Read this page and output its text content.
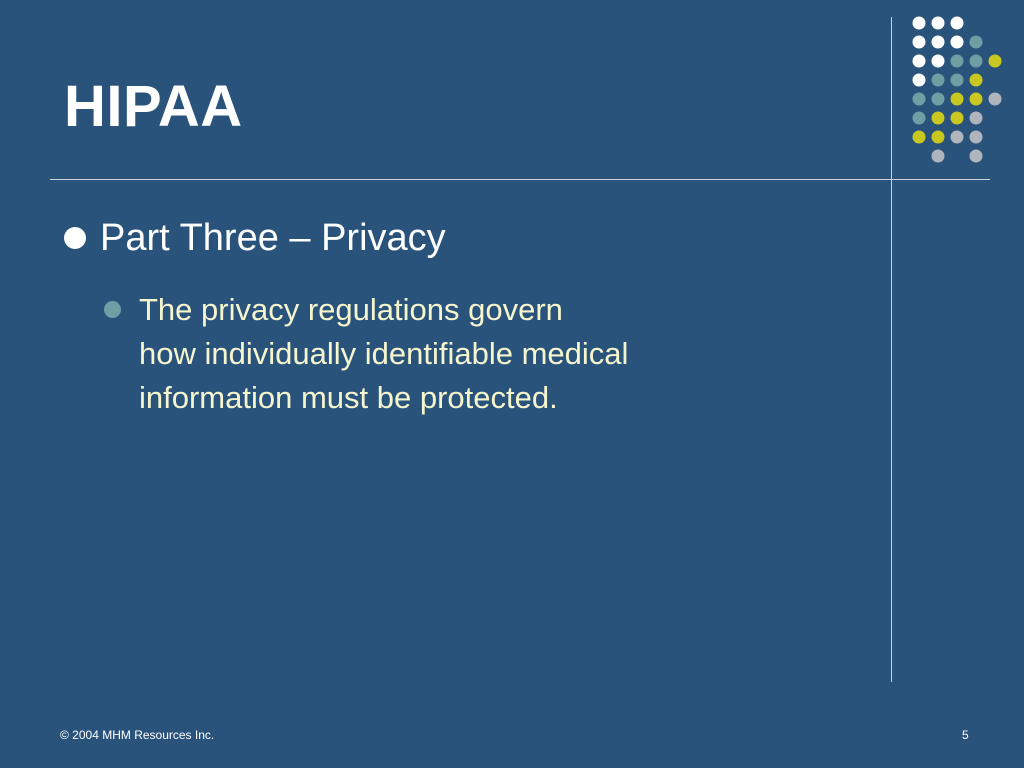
HIPAA
Part Three – Privacy
The privacy regulations govern
how individually identifiable medical
information must be protected.
© 2004 MHM Resources Inc.	5
